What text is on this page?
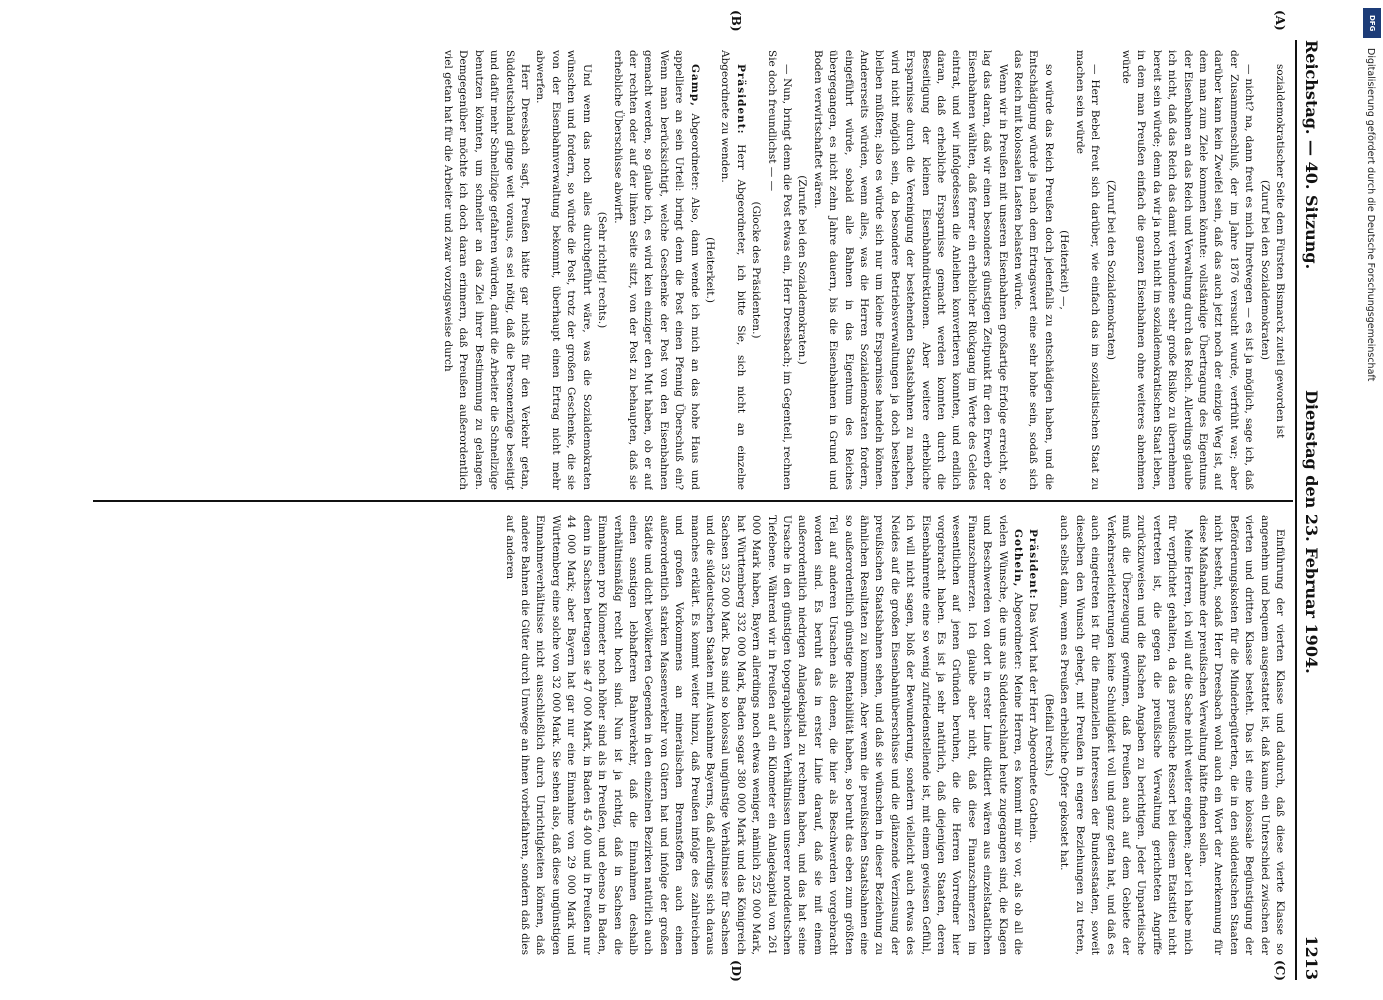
Reichstag. — 40. Sitzung.
Dienstag den 23. Februar 1904.
1213
(A)
(B)
(C)
(D)

sozialdemokratischer Seite dem Fürsten Bismarck zuteil geworden ist

(Zuruf bei den Sozialdemokraten)

— nicht? na, dann freut es mich Ihretwegen — es ist ja möglich, sage ich, daß der Zusammenschluß, der im Jahre 1876 versucht wurde, verfrüht war; aber darüber kann kein Zweifel sein, daß das auch jetzt noch der einzige Weg ist, auf dem man zum Ziele kommen könnte: vollständige Übertragung des Eigentums der Eisenbahnen an das Reich und Verwaltung durch das Reich. Allerdings glaube ich nicht, daß das Reich das damit verbundene sehr große Risiko zu übernehmen bereit sein würde; denn da wir ja noch nicht im sozialdemokratischen Staat leben, in dem man Preußen einfach die ganzen Eisenbahnen ohne weiteres abnehmen würde

(Zuruf bei den Sozialdemokraten)

— Herr Bebel freut sich darüber, wie einfach das im sozialistischen Staat zu machen sein würde

(Heiterkeit) —,

so würde das Reich Preußen doch jedenfalls zu entschädigen haben, und die Entschädigung würde ja nach dem Ertragswert eine sehr hohe sein, sodaß sich das Reich mit kolossalen Lasten belasten würde.

Wenn wir in Preußen mit unseren Eisenbahnen großartige Erfolge erreicht, so lag das daran, daß wir einen besonders günstigen Zeitpunkt für den Erwerb der Eisenbahnen wählten, daß ferner ein erheblicher Rückgang im Werte des Geldes eintrat, und wir infolgedessen die Anleihen konvertieren konnten, und endlich daran, daß erhebliche Ersparnisse gemacht werden konnten durch die Beseitigung der kleinen Eisenbahndirektionen. Aber weitere erhebliche Ersparnisse durch die Vereinigung der bestehenden Staatsbahnen zu machen, wird nicht möglich sein, da besondere Betriebsverwaltungen ja doch bestehen bleiben müßten; also es würde sich nur um kleine Ersparnisse handeln können. Andererseits würden, wenn alles, was die Herren Sozialdemokraten fordern, eingeführt würde, sobald alle Bahnen in das Eigentum des Reiches übergegangen, es nicht zehn Jahre dauern, bis die Eisenbahnen in Grund und Boden verwirtschaftet wären.

(Zurufe bei den Sozialdemokraten.)

— Nun, bringt denn die Post etwas ein, Herr Dreesbach; im Gegenteil, rechnen Sie doch freundlichst — —

(Glocke des Präsidenten.)

Präsident: Herr Abgeordneter, ich bitte Sie, sich nicht an einzelne Abgeordnete zu wenden.

(Heiterkeit.)

Gamp, Abgeordneter: Also, dann wende ich mich an das hohe Haus und appelliere an sein Urteil: bringt denn die Post einen Pfennig Überschuß ein? Wenn man berücksichtigt, welche Geschenke der Post von den Eisenbahnen gemacht werden, so glaube ich, es wird kein einziger den Mut haben, ob er auf der rechten oder auf der linken Seite sitzt, von der Post zu behaupten, daß sie erhebliche Überschüsse abwirft.

(Sehr richtig! rechts.)

Und wenn das noch alles durchgeführt wäre, was die Sozialdemokraten wünschen und fordern, so würde die Post, trotz der großen Geschenke, die sie von der Eisenbahnverwaltung bekommt, überhaupt einen Ertrag nicht mehr abwerfen.

Herr Dreesbach sagt, Preußen hätte gar nichts für den Verkehr getan, Süddeutschland ginge weit voraus, es sei nötig, daß die Personenzüge beseitigt und dafür mehr Schnellzüge gefahren würden, damit die Arbeiter die Schnellzüge benutzen könnten, um schneller an das Ziel ihrer Bestimmung zu gelangen. Demgegenüber möchte ich doch daran erinnern, daß Preußen außerordentlich viel getan hat für die Arbeiter und zwar vorzugsweise durch

Einführung der vierten Klasse und dadurch, daß diese vierte Klasse so angenehm und bequem ausgestattet ist, daß kaum ein Unterschied zwischen der vierten und dritten Klasse besteht. Das ist eine kolossale Begünstigung der Beförderungskosten für die Minderbegüterten, die in den süddeutschen Staaten nicht besteht, sodaß Herr Dreesbach wohl auch ein Wort der Anerkennung für diese Maßnahme der preußischen Verwaltung hätte finden sollen.

Meine Herren, ich will auf die Sache nicht weiter eingehen; aber ich habe mich für verpflichtet gehalten, da das preußische Ressort bei diesem Etatstitel nicht vertreten ist, die gegen die preußische Verwaltung gerichteten Angriffe zurückzuweisen und die falschen Angaben zu berichtigen. Jeder Unparteiische muß die Überzeugung gewinnen, daß Preußen auch auf dem Gebiete der Verkehrserleichterungen keine Schuldigkeit voll und ganz getan hat, und daß es auch eingetreten ist für die finanziellen Interessen der Bundesstaaten, soweit dieselben den Wunsch gehegt, mit Preußen in engere Beziehungen zu treten, auch selbst dann, wenn es Preußen erhebliche Opfer gekostet hat.

(Beifall rechts.)

Präsident: Das Wort hat der Herr Abgeordnete Gothein.

Gothein, Abgeordneter: Meine Herren, es kommt mir so vor, als ob all die vielen Wünsche, die uns aus Süddeutschland heute zugegangen sind, die Klagen und Beschwerden von dort in erster Linie diktiert wären aus einzelstaatlichen Finanzschmerzen. Ich glaube aber nicht, daß diese Finanzschmerzen im wesentlichen auf jenen Gründen beruhen, die die Herren Vorredner hier vorgebracht haben. Es ist ja sehr natürlich, daß diejenigen Staaten, deren Eisenbahnrente eine so wenig zufriedenstellende ist, mit einem gewissen Gefühl, ich will nicht sagen, bloß der Bewunderung, sondern vielleicht auch etwas des Neides auf die großen Eisenbahnüberschüsse und die glänzende Verzinsung der preußischen Staatsbahnen sehen, und daß sie wünschen in dieser Beziehung zu ähnlichen Resultaten zu kommen. Aber wenn die preußischen Staatsbahnen eine so außerordentlich günstige Rentabilität haben, so beruht das eben zum größten Teil auf anderen Ursachen als denen, die hier als Beschwerden vorgebracht worden sind. Es beruht das in erster Linie darauf, daß sie mit einem außerordentlich niedrigen Anlagekapital zu rechnen haben, und das hat seine Ursache in den günstigen topographischen Verhältnissen unserer norddeutschen Tiefebene. Während wir in Preußen auf ein Kilometer ein Anlagekapital von 261 000 Mark haben, Bayern allerdings noch etwas weniger, nämlich 252 000 Mark, hat Württemberg 332 000 Mark, Baden sogar 380 000 Mark und das Königreich Sachsen 352 000 Mark. Das sind so kolossal ungünstige Verhältnisse für Sachsen und die süddeutschen Staaten mit Ausnahme Bayerns, daß allerdings sich daraus manches erklärt. Es kommt weiter hinzu, daß Preußen infolge des zahlreichen und großen Vorkommens an mineralischen Brennstoffen auch einen außerordentlich starken Massenverkehr von Gütern hat und infolge der großen Städte und dicht bevölkerten Gegenden in den einzelnen Bezirken natürlich auch einen sonstigen lebhafteren Bahnverkehr, daß die Einnahmen deshalb verhältnismäßig recht hoch sind. Nun ist ja richtig, daß in Sachsen die Einnahmen pro Kilometer noch höher sind als in Preußen, und ebenso in Baden, denn in Sachsen betragen sie 47 000 Mark, in Baden 45 400 und in Preußen nur 44 000 Mark; aber Bayern hat gar nur eine Einnahme von 29 000 Mark und Württemberg eine solche von 32 000 Mark. Sie sehen also, daß diese ungünstigen Einnahmeverhältnisse nicht ausschließlich durch Unrichtigkeiten können, daß andere Bahnen die Güter durch Umwege an ihnen vorbeifahren, sondern daß dies auf anderen

DFG
Digitalisierung gefördert durch die Deutsche Forschungsgemeinschaft
